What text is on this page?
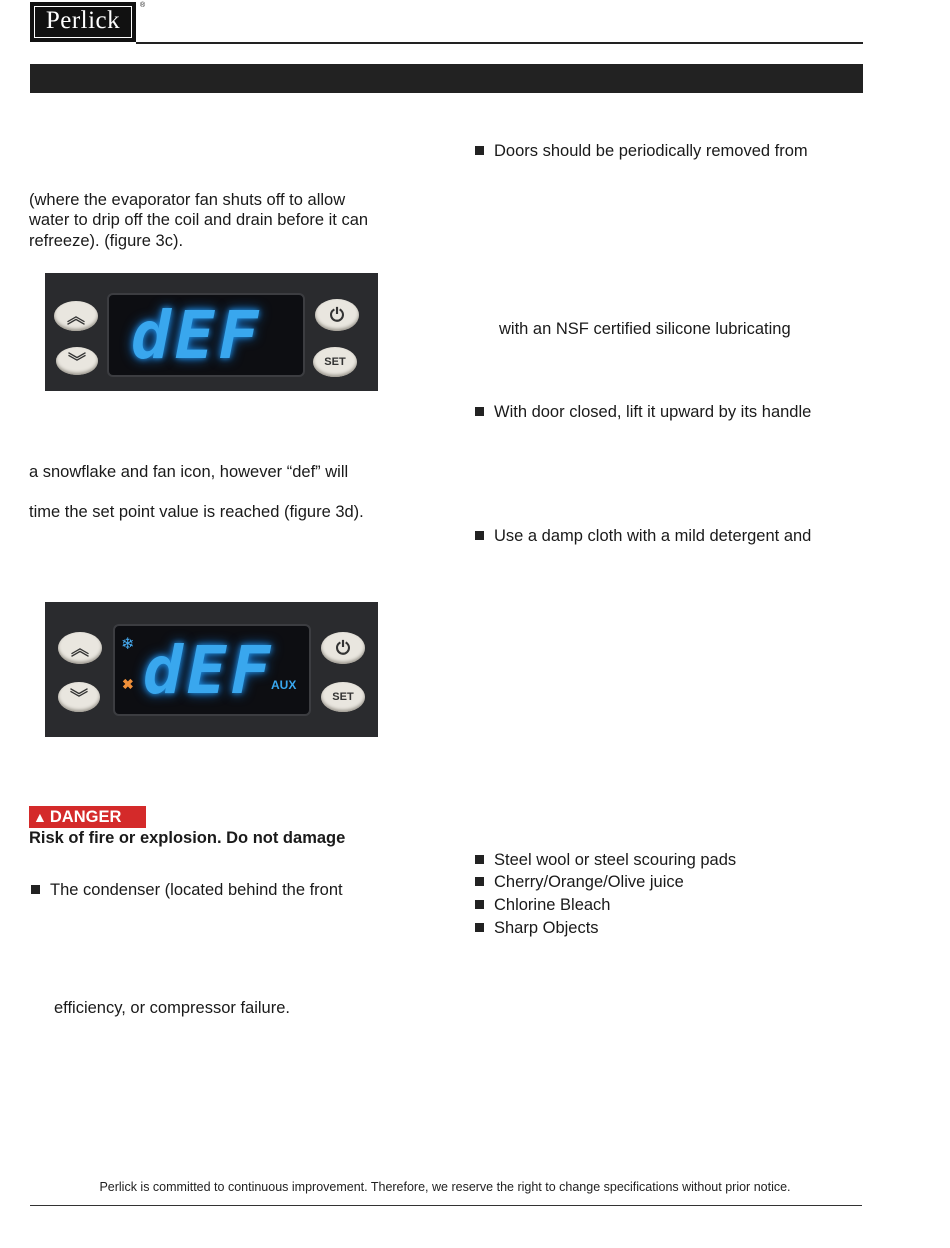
Perlick
®
(where the evaporator fan shuts off to allow
water to drip off the coil and drain before it can
refreeze). (figure 3c).
︽
︾ dEF	⏻
SET
a snowflake and fan icon, however “def” will
time the set point value is reached (figure 3d).
︽
︾
❄
✖ dEF
AUX
⏻
SET
▲ DANGER
Risk of fire or explosion. Do not damage
The condenser (located behind the front
efficiency, or compressor failure.
Doors should be periodically removed from
with an NSF certified silicone lubricating
With door closed, lift it upward by its handle
Use a damp cloth with a mild detergent and
Steel wool or steel scouring pads
Cherry/Orange/Olive juice
Chlorine Bleach
Sharp Objects
Perlick is committed to continuous improvement. Therefore, we reserve the right to change specifications without prior notice.
